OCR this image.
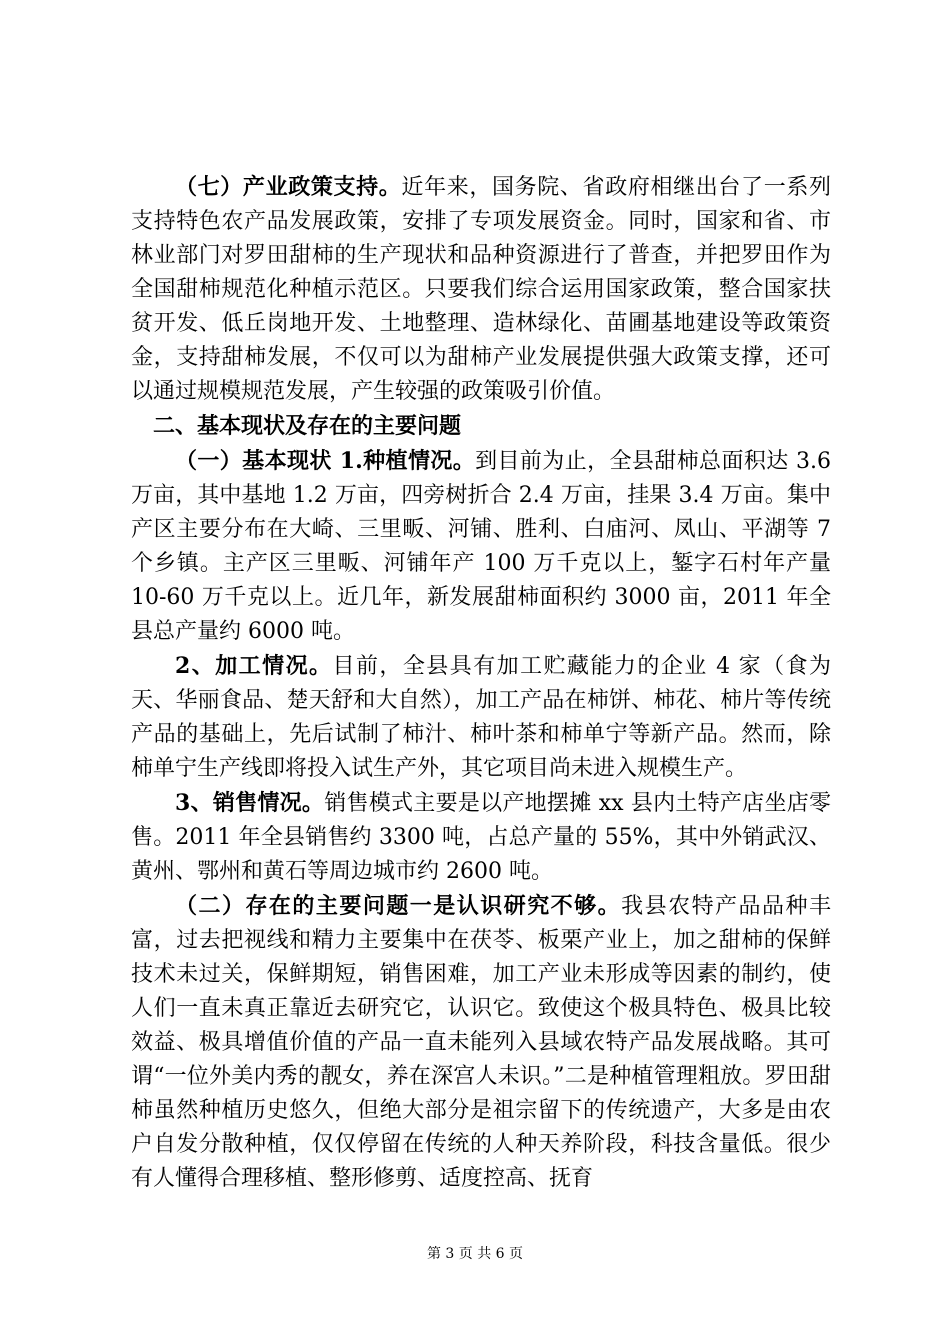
（七）产业政策支持。近年来，国务院、省政府相继出台了一系列支持特色农产品发展政策，安排了专项发展资金。同时，国家和省、市林业部门对罗田甜柿的生产现状和品种资源进行了普查，并把罗田作为全国甜柿规范化种植示范区。只要我们综合运用国家政策，整合国家扶贫开发、低丘岗地开发、土地整理、造林绿化、苗圃基地建设等政策资金，支持甜柿发展，不仅可以为甜柿产业发展提供强大政策支撑，还可以通过规模规范发展，产生较强的政策吸引价值。

二、基本现状及存在的主要问题

（一）基本现状 1.种植情况。到目前为止，全县甜柿总面积达 3.6 万亩，其中基地 1.2 万亩，四旁树折合 2.4 万亩，挂果 3.4 万亩。集中产区主要分布在大崎、三里畈、河铺、胜利、白庙河、凤山、平湖等 7 个乡镇。主产区三里畈、河铺年产 100 万千克以上，錾字石村年产量 10-60 万千克以上。近几年，新发展甜柿面积约 3000 亩，2011 年全县总产量约 6000 吨。

2、加工情况。目前，全县具有加工贮藏能力的企业 4 家（食为天、华丽食品、楚天舒和大自然），加工产品在柿饼、柿花、柿片等传统产品的基础上，先后试制了柿汁、柿叶茶和柿单宁等新产品。然而，除柿单宁生产线即将投入试生产外，其它项目尚未进入规模生产。

3、销售情况。销售模式主要是以产地摆摊 xx 县内土特产店坐店零售。2011 年全县销售约 3300 吨，占总产量的 55%，其中外销武汉、黄州、鄂州和黄石等周边城市约 2600 吨。

（二）存在的主要问题一是认识研究不够。我县农特产品品种丰富，过去把视线和精力主要集中在茯苓、板栗产业上，加之甜柿的保鲜技术未过关，保鲜期短，销售困难，加工产业未形成等因素的制约，使人们一直未真正靠近去研究它，认识它。致使这个极具特色、极具比较效益、极具增值价值的产品一直未能列入县域农特产品发展战略。其可谓“一位外美内秀的靓女，养在深宫人未识。”二是种植管理粗放。罗田甜柿虽然种植历史悠久，但绝大部分是祖宗留下的传统遗产，大多是由农户自发分散种植，仅仅停留在传统的人种天养阶段，科技含量低。很少有人懂得合理移植、整形修剪、适度控高、抚育

第 3 页 共 6 页
